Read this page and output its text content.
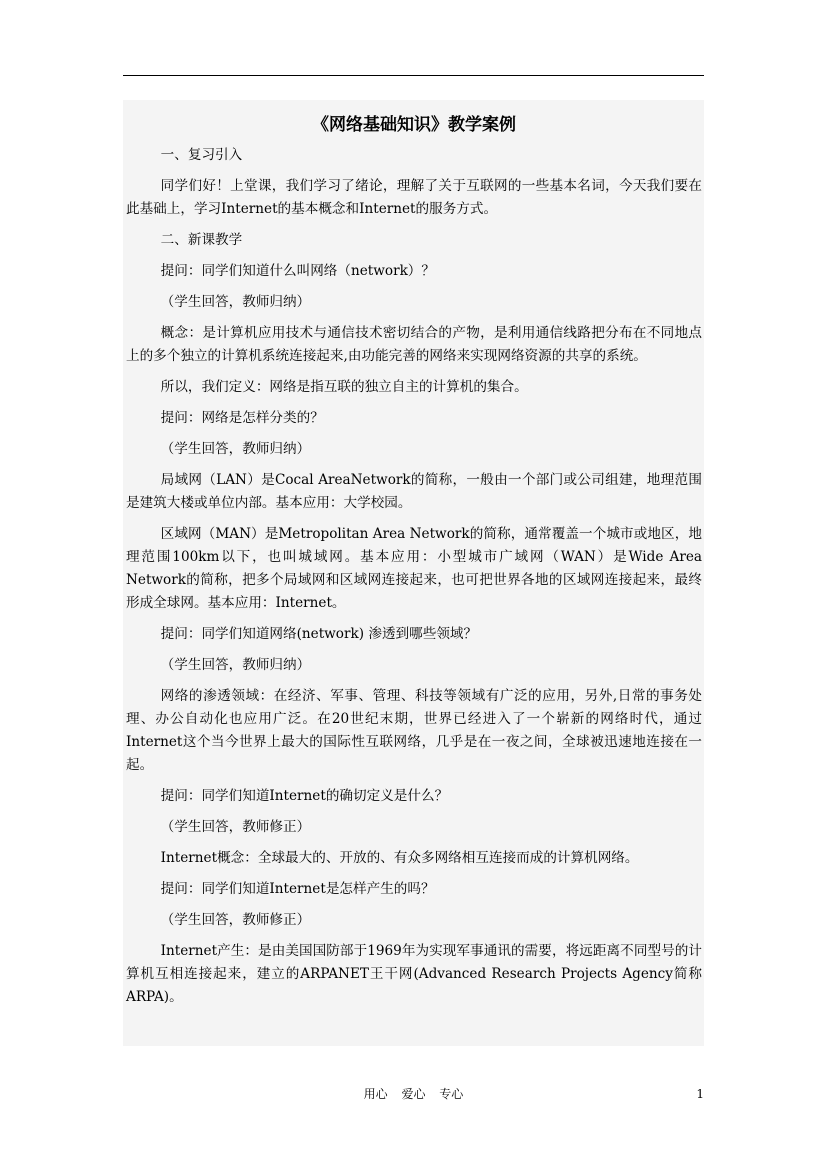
《网络基础知识》教学案例

一、复习引入

同学们好！上堂课，我们学习了绪论，理解了关于互联网的一些基本名词，今天我们要在此基础上，学习Internet的基本概念和Internet的服务方式。

二、新课教学

提问：同学们知道什么叫网络（network）？

（学生回答，教师归纳）

概念：是计算机应用技术与通信技术密切结合的产物，是利用通信线路把分布在不同地点上的多个独立的计算机系统连接起来,由功能完善的网络来实现网络资源的共享的系统。

所以，我们定义：网络是指互联的独立自主的计算机的集合。

提问：网络是怎样分类的？

（学生回答，教师归纳）

局域网（LAN）是Cocal AreaNetwork的简称，一般由一个部门或公司组建，地理范围是建筑大楼或单位内部。基本应用：大学校园。

区域网（MAN）是Metropolitan Area Network的简称，通常覆盖一个城市或地区，地理范围100km以下，也叫城域网。基本应用：小型城市广域网（WAN）是Wide Area Network的简称，把多个局域网和区域网连接起来，也可把世界各地的区域网连接起来，最终形成全球网。基本应用：Internet。

提问：同学们知道网络(network) 渗透到哪些领域？

（学生回答，教师归纳）

网络的渗透领域：在经济、军事、管理、科技等领域有广泛的应用，另外,日常的事务处理、办公自动化也应用广泛。在20世纪末期，世界已经进入了一个崭新的网络时代，通过Internet这个当今世界上最大的国际性互联网络，几乎是在一夜之间，全球被迅速地连接在一起。

提问：同学们知道Internet的确切定义是什么？

（学生回答，教师修正）

Internet概念：全球最大的、开放的、有众多网络相互连接而成的计算机网络。

提问：同学们知道Internet是怎样产生的吗？

（学生回答，教师修正）

Internet产生：是由美国国防部于1969年为实现军事通讯的需要，将远距离不同型号的计算机互相连接起来，建立的ARPANET王干网(Advanced Research Projects Agency简称ARPA)。

用心 爱心 专心	1
